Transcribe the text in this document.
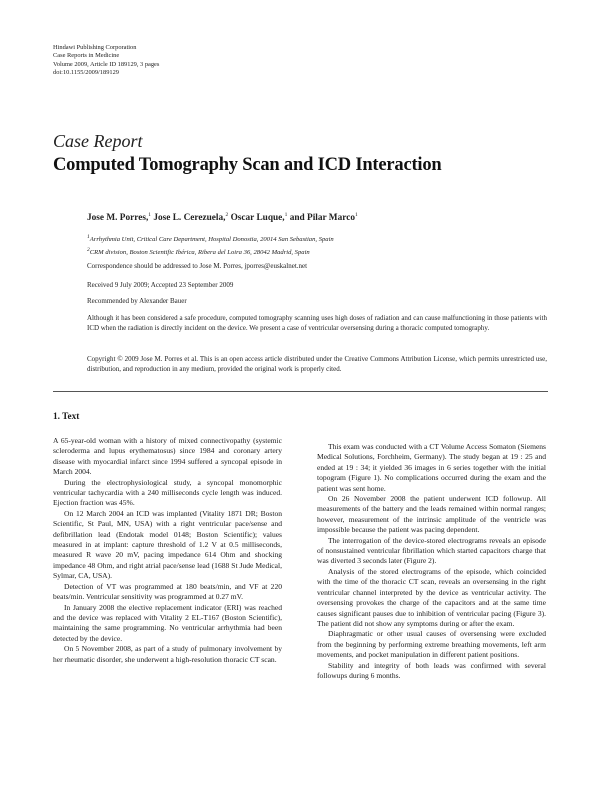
Hindawi Publishing Corporation
Case Reports in Medicine
Volume 2009, Article ID 189129, 3 pages
doi:10.1155/2009/189129
Case Report
Computed Tomography Scan and ICD Interaction
Jose M. Porres,$^1$ Jose L. Cerezuela,$^2$ Oscar Luque,$^1$ and Pilar Marco$^1$
$^1$Arrhythmia Unit, Critical Care Department, Hospital Donostia, 20014 San Sebastian, Spain
$^2$CRM division, Boston Scientific Ibérica, Ribera del Loira 36, 28042 Madrid, Spain
Correspondence should be addressed to Jose M. Porres, jporres@euskalnet.net
Received 9 July 2009; Accepted 23 September 2009
Recommended by Alexander Bauer
Although it has been considered a safe procedure, computed tomography scanning uses high doses of radiation and can cause malfunctioning in those patients with ICD when the radiation is directly incident on the device. We present a case of ventricular oversensing during a thoracic computed tomography.
Copyright © 2009 Jose M. Porres et al. This is an open access article distributed under the Creative Commons Attribution License, which permits unrestricted use, distribution, and reproduction in any medium, provided the original work is properly cited.
1. Text

A 65-year-old woman with a history of mixed connectivopathy (systemic scleroderma and lupus erythematosus) since 1984 and coronary artery disease with myocardial infarct since 1994 suffered a syncopal episode in March 2004.

During the electrophysiological study, a syncopal monomorphic ventricular tachycardia with a 240 milliseconds cycle length was induced. Ejection fraction was 45%.

On 12 March 2004 an ICD was implanted (Vitality 1871 DR; Boston Scientific, St Paul, MN, USA) with a right ventricular pace/sense and defibrillation lead (Endotak model 0148; Boston Scientific); values measured in at implant: capture threshold of 1.2 V at 0.5 milliseconds, measured R wave 20 mV, pacing impedance 614 Ohm and shocking impedance 48 Ohm, and right atrial pace/sense lead (1688 St Jude Medical, Sylmar, CA, USA).

Detection of VT was programmed at 180 beats/min, and VF at 220 beats/min. Ventricular sensitivity was programmed at 0.27 mV.

In January 2008 the elective replacement indicator (ERI) was reached and the device was replaced with Vitality 2 EL-T167 (Boston Scientific), maintaining the same programming. No ventricular arrhythmia had been detected by the device.

On 5 November 2008, as part of a study of pulmonary involvement by her rheumatic disorder, she underwent a high-resolution thoracic CT scan.

This exam was conducted with a CT Volume Access Somaton (Siemens Medical Solutions, Forchheim, Germany). The study began at 19 : 25 and ended at 19 : 34; it yielded 36 images in 6 series together with the initial topogram (Figure 1). No complications occurred during the exam and the patient was sent home.

On 26 November 2008 the patient underwent ICD followup. All measurements of the battery and the leads remained within normal ranges; however, measurement of the intrinsic amplitude of the ventricle was impossible because the patient was pacing dependent.

The interrogation of the device-stored electrograms reveals an episode of nonsustained ventricular fibrillation which started capacitors charge that was diverted 3 seconds later (Figure 2).

Analysis of the stored electrograms of the episode, which coincided with the time of the thoracic CT scan, reveals an oversensing in the right ventricular channel interpreted by the device as ventricular activity. The oversensing provokes the charge of the capacitors and at the same time causes significant pauses due to inhibition of ventricular pacing (Figure 3). The patient did not show any symptoms during or after the exam.

Diaphragmatic or other usual causes of oversensing were excluded from the beginning by performing extreme breathing movements, left arm movements, and pocket manipulation in different patient positions.

Stability and integrity of both leads was confirmed with several followups during 6 months.
